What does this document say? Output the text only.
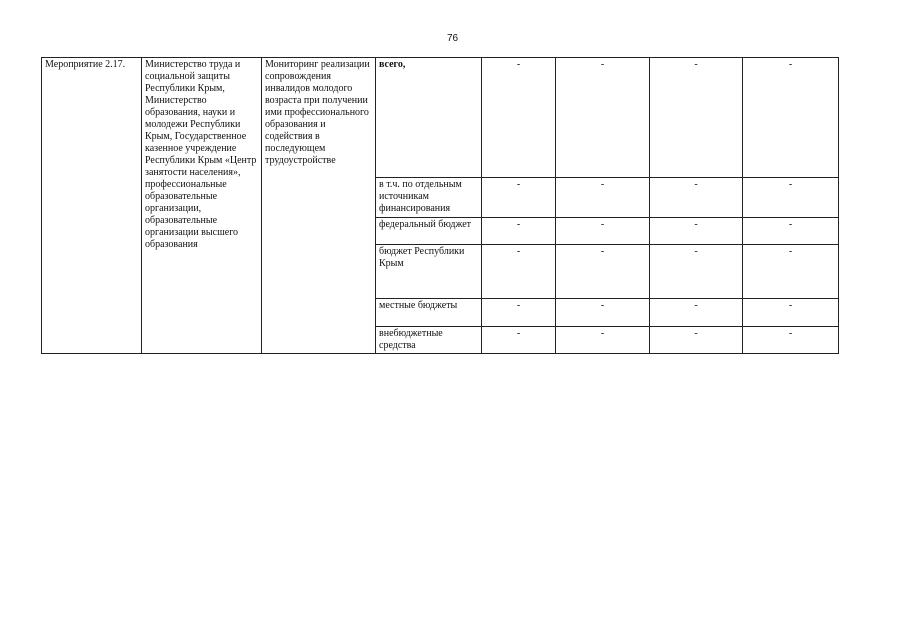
76
Мероприятие 2.17.	Министерство труда и социальной защиты Республики Крым, Министерство образования, науки и молодежи Республики Крым, Государственное казенное учреждение Республики Крым «Центр занятости населения», профессиональные образовательные организации, образовательные организации высшего образования	Мониторинг реализации сопровождения инвалидов молодого возраста при получении ими профессионального образования и содействия в последующем трудоустройстве	всего,	-	-	-	-
			в т.ч. по отдельным источникам финансирования	-	-	-	-
			федеральный бюджет	-	-	-	-
			бюджет Республики Крым	-	-	-	-
			местные бюджеты	-	-	-	-
			внебюджетные средства	-	-	-	-
